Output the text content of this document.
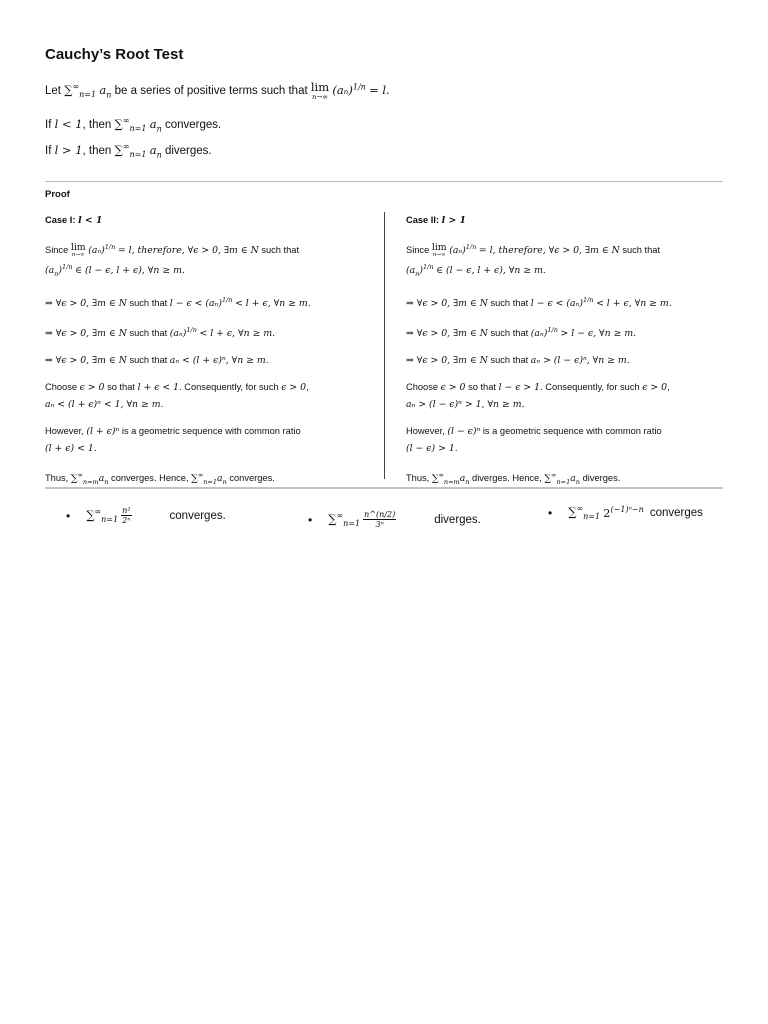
Cauchy’s Root Test
Let $\sum^\infty_{n=1}$ $a_n$ be a series of positive terms such that lim
n→∞ $(a_n)^{1/n} = l$.
If l < 1, then $\sum^\infty_{n=1}$ $a_n$ converges.
If l > 1, then $\sum^\infty_{n=1}$ $a_n$ diverges.
Proof
Case I: l < 1
Since lim
n→∞ $(a_n)^{1/n} = l$, therefore, ∀ϵ > 0, ∃m ∈ N such that
$(a_n)^{1/n}$ ∈ (l − ϵ, l + ϵ), ∀n ≥ m.
⇒ ∀ϵ > 0, ∃m ∈ N such that $l - \epsilon < (a_n)^{1/n} < l + \epsilon$, ∀n ≥ m.
⇒ ∀ϵ > 0, ∃m ∈ N such that $(a_n)^{1/n} < l + \epsilon$, ∀n ≥ m.
⇒ ∀ϵ > 0, ∃m ∈ N such that aₙ < (l + ϵ)ⁿ, ∀n ≥ m.
Choose ϵ > 0 so that l + ϵ < 1. Consequently, for such ϵ > 0,
aₙ < (l + ϵ)ⁿ < 1, ∀n ≥ m.
However, (l + ϵ)ⁿ is a geometric sequence with common ratio
(l + ϵ) < 1.
Thus, $\sum^\infty_{n=m}a_n$ converges. Hence, $\sum^\infty_{n=1}a_n$ converges.
Case II: l > 1
Since lim
n→∞ $(a_n)^{1/n} = l$, therefore, ∀ϵ > 0, ∃m ∈ N such that
$(a_n)^{1/n}$ ∈ (l − ϵ, l + ϵ), ∀n ≥ m.
⇒ ∀ϵ > 0, ∃m ∈ N such that $l - \epsilon < (a_n)^{1/n} < l + \epsilon$, ∀n ≥ m.
⇒ ∀ϵ > 0, ∃m ∈ N such that $(a_n)^{1/n} > l - \epsilon$, ∀n ≥ m.
⇒ ∀ϵ > 0, ∃m ∈ N such that aₙ > (l − ϵ)ⁿ, ∀n ≥ m.
Choose ϵ > 0 so that l − ϵ > 1. Consequently, for such ϵ > 0,
aₙ > (l − ϵ)ⁿ > 1, ∀n ≥ m.
However, (l − ϵ)ⁿ is a geometric sequence with common ratio
(l − ϵ) > 1.
Thus, $\sum^\infty_{n=m}a_n$ diverges. Hence, $\sum^\infty_{n=1}a_n$ diverges.
• $\sum^\infty_{n=1} \frac{\text{n²}}{\text{2ⁿ}}$	converges.	• $\sum^\infty_{n=1} \frac{n\^{}(n/2)}{\text{3ⁿ}}$	diverges.	• $\sum^\infty_{n=1}$ $2^{(-1)^n-n}$ converges
